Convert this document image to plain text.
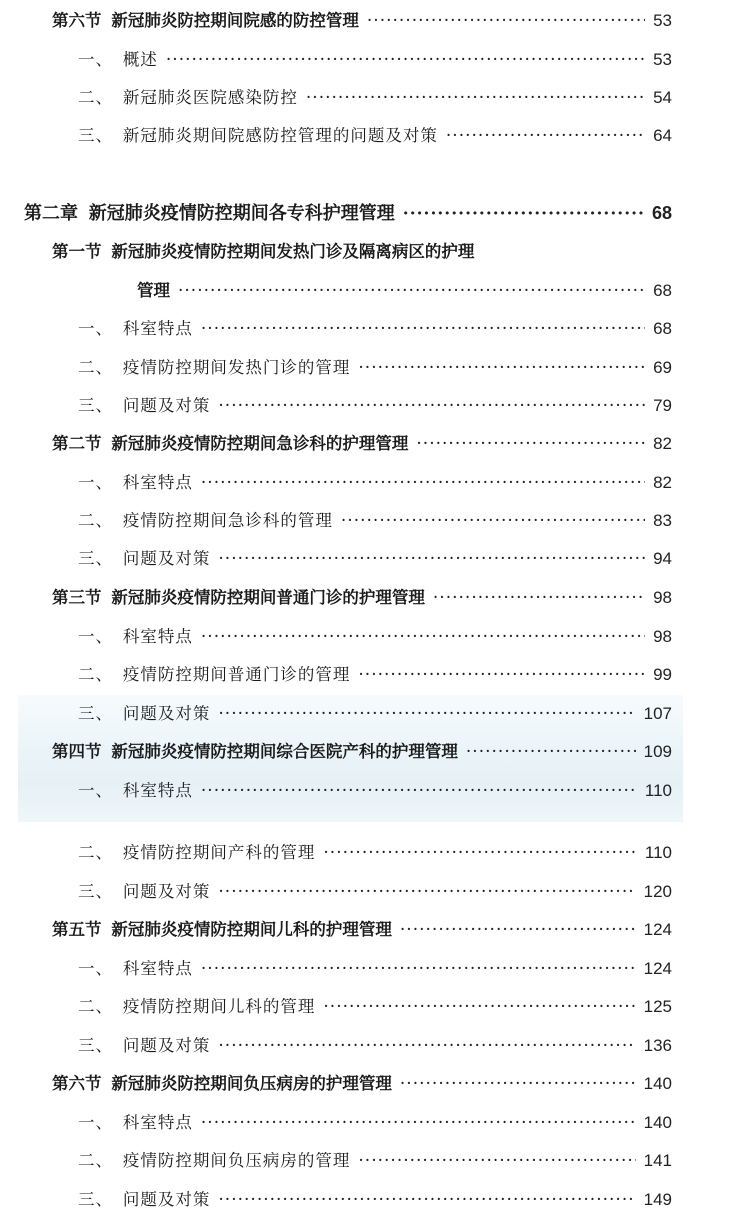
第六节 新冠肺炎防控期间院感的防控管理 ·····	53
一、 概述 ·····	53
二、 新冠肺炎医院感染防控 ·····	54
三、 新冠肺炎期间院感防控管理的问题及对策 ·····	64
第二章 新冠肺炎疫情防控期间各专科护理管理 ·····	68
第一节 新冠肺炎疫情防控期间发热门诊及隔离病区的护理
管理 ·····	68
一、 科室特点 ·····	68
二、 疫情防控期间发热门诊的管理 ·····	69
三、 问题及对策 ·····	79
第二节 新冠肺炎疫情防控期间急诊科的护理管理 ·····	82
一、 科室特点 ·····	82
二、 疫情防控期间急诊科的管理 ·····	83
三、 问题及对策 ·····	94
第三节 新冠肺炎疫情防控期间普通门诊的护理管理 ·····	98
一、 科室特点 ·····	98
二、 疫情防控期间普通门诊的管理 ·····	99
三、 问题及对策 ·····	107
第四节 新冠肺炎疫情防控期间综合医院产科的护理管理 ·····	109
一、 科室特点 ·····	110
二、 疫情防控期间产科的管理 ·····	110
三、 问题及对策 ·····	120
第五节 新冠肺炎疫情防控期间儿科的护理管理 ·····	124
一、 科室特点 ·····	124
二、 疫情防控期间儿科的管理 ·····	125
三、 问题及对策 ·····	136
第六节 新冠肺炎防控期间负压病房的护理管理 ·····	140
一、 科室特点 ·····	140
二、 疫情防控期间负压病房的管理 ·····	141
三、 问题及对策 ·····	149
